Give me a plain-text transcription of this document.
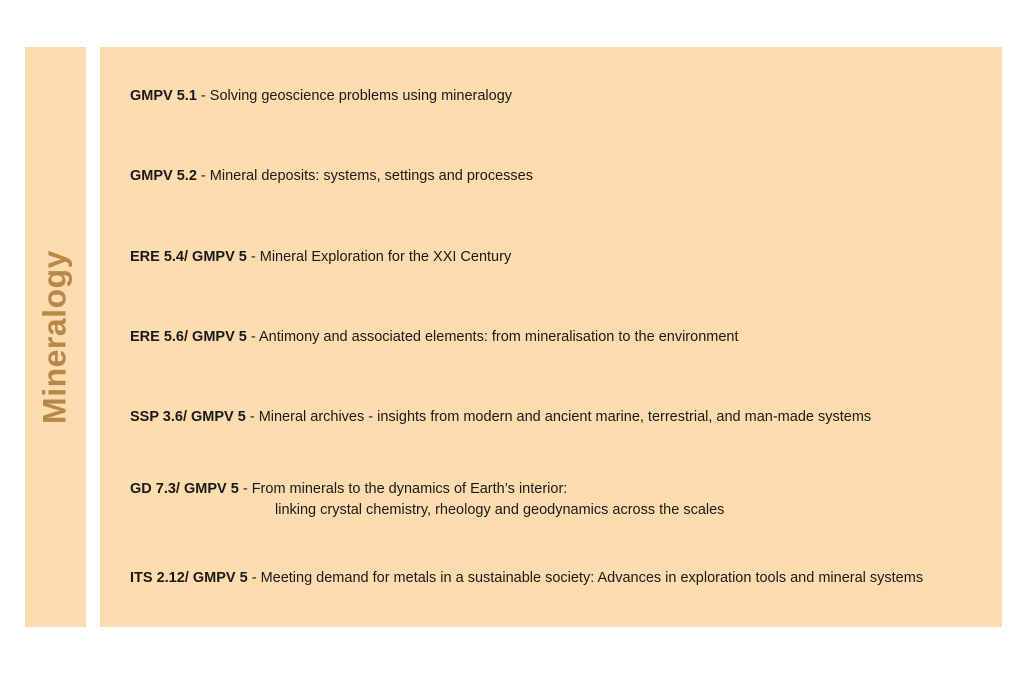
Mineralogy
GMPV 5.1 - Solving geoscience problems using mineralogy
GMPV 5.2 - Mineral deposits: systems, settings and processes
ERE 5.4/ GMPV 5 - Mineral Exploration for the XXI Century
ERE 5.6/ GMPV 5 - Antimony and associated elements: from mineralisation to the environment
SSP 3.6/ GMPV 5 - Mineral archives - insights from modern and ancient marine, terrestrial, and man-made systems
GD 7.3/ GMPV 5 - From minerals to the dynamics of Earth’s interior:
linking crystal chemistry, rheology and geodynamics across the scales
ITS 2.12/ GMPV 5 - Meeting demand for metals in a sustainable society: Advances in exploration tools and mineral systems
